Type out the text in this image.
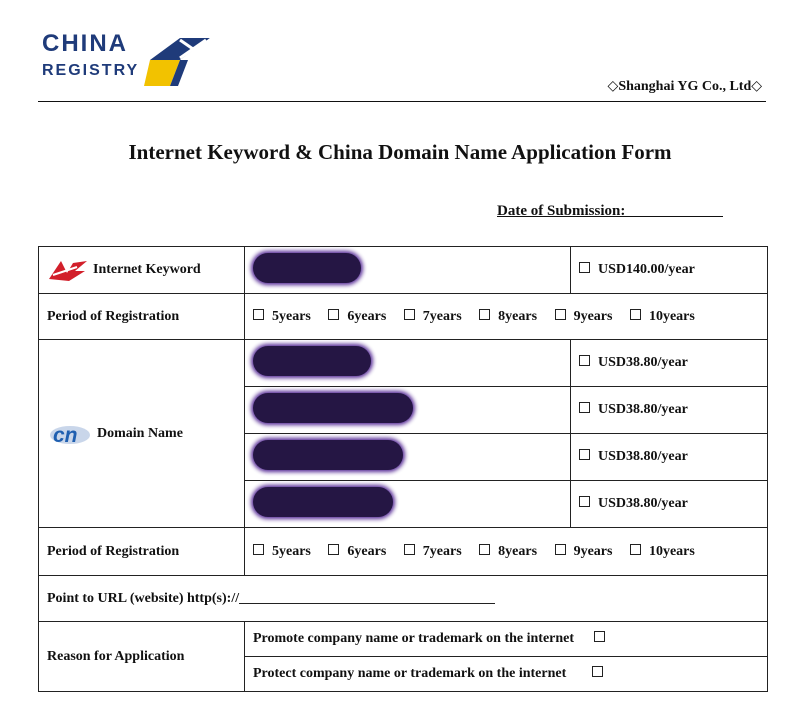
CHINA
REGISTRY
◇Shanghai YG Co., Ltd◇
Internet Keyword & China Domain Name Application Form
Date of Submission:
Internet Keyword		USD140.00/year
Period of Registration	5years 6years 7years 8years 9years 10years	

cn Domain Name		USD38.80/year
		USD38.80/year
		USD38.80/year
		USD38.80/year
Period of Registration	5years 6years 7years 8years 9years 10years	
Point to URL (website) http(s)://		
Reason for Application	Promote company name or trademark on the internet	
	Protect company name or trademark on the internet	
